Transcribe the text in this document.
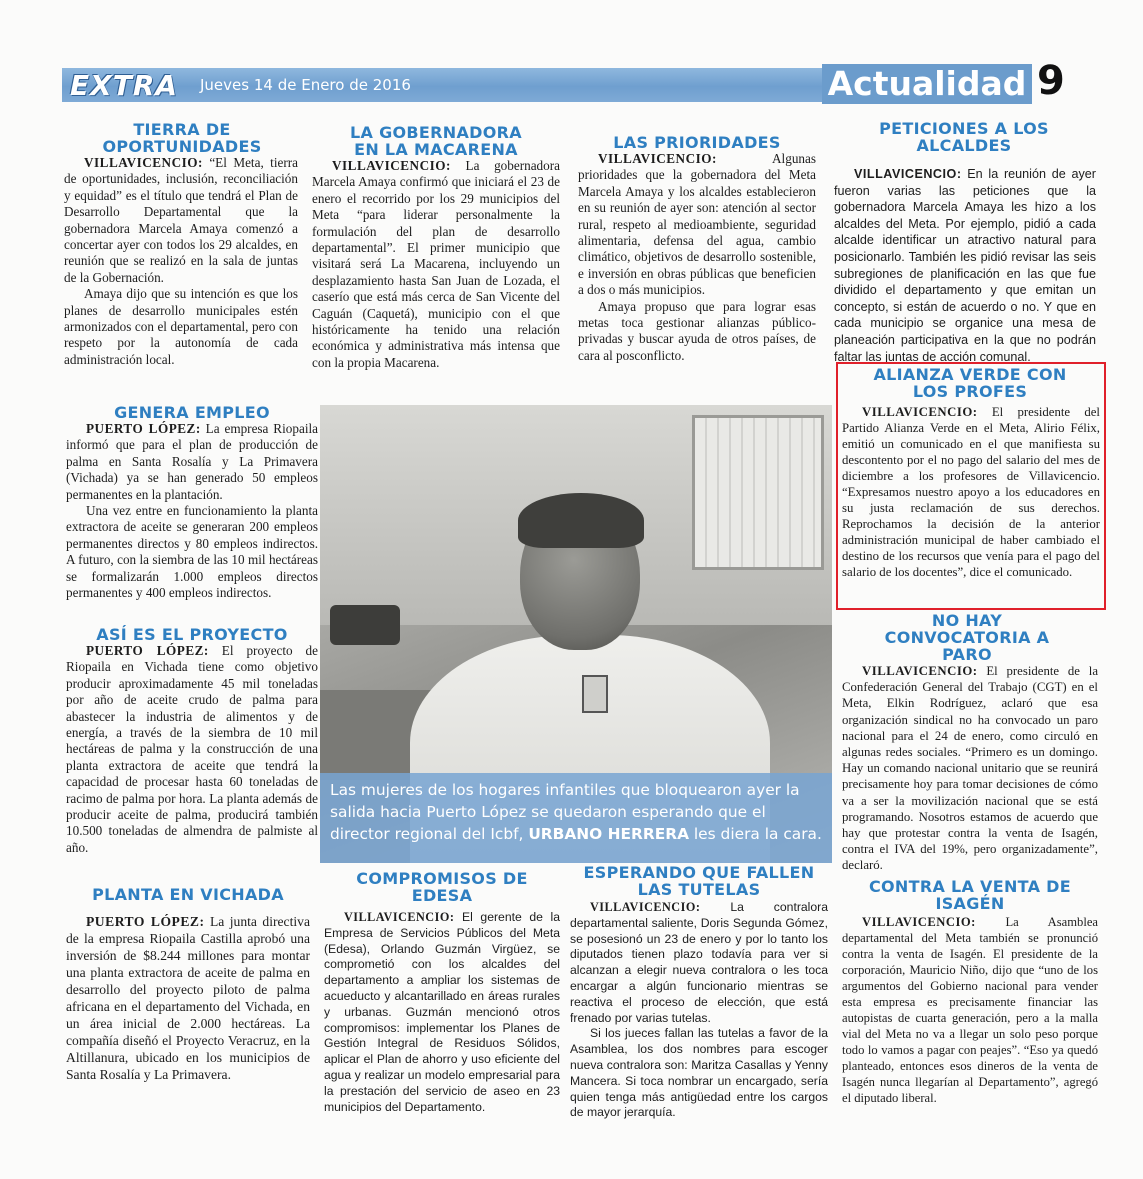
EXTRA Jueves 14 de Enero de 2016	Actualidad 9
TIERRA DE OPORTUNIDADES

VILLAVICENCIO: “El Meta, tierra de oportunidades, inclusión, reconciliación y equidad” es el título que tendrá el Plan de Desarrollo Departamental que la gobernadora Marcela Amaya comenzó a concertar ayer con todos los 29 alcaldes, en reunión que se realizó en la sala de juntas de la Gobernación.

Amaya dijo que su intención es que los planes de desarrollo municipales estén armonizados con el departamental, pero con respeto por la autonomía de cada administración local.

GENERA EMPLEO

PUERTO LÓPEZ: La empresa Riopaila informó que para el plan de producción de palma en Santa Rosalía y La Primavera (Vichada) ya se han generado 50 empleos permanentes en la plantación.

Una vez entre en funcionamiento la planta extractora de aceite se generaran 200 empleos permanentes directos y 80 empleos indirectos. A futuro, con la siembra de las 10 mil hectáreas se formalizarán 1.000 empleos directos permanentes y 400 empleos indirectos.

ASÍ ES EL PROYECTO

PUERTO LÓPEZ: El proyecto de Riopaila en Vichada tiene como objetivo producir aproximadamente 45 mil toneladas por año de aceite crudo de palma para abastecer la industria de alimentos y de energía, a través de la siembra de 10 mil hectáreas de palma y la construcción de una planta extractora de aceite que tendrá la capacidad de procesar hasta 60 toneladas de racimo de palma por hora. La planta además de producir aceite de palma, producirá también 10.500 toneladas de almendra de palmiste al año.

PLANTA EN VICHADA

PUERTO LÓPEZ: La junta directiva de la empresa Riopaila Castilla aprobó una inversión de $8.244 millones para montar una planta extractora de aceite de palma en desarrollo del proyecto piloto de palma africana en el departamento del Vichada, en un área inicial de 2.000 hectáreas. La compañía diseñó el Proyecto Veracruz, en la Altillanura, ubicado en los municipios de Santa Rosalía y La Primavera.

LA GOBERNADORA EN LA MACARENA

VILLAVICENCIO: La gobernadora Marcela Amaya confirmó que iniciará el 23 de enero el recorrido por los 29 municipios del Meta “para liderar personalmente la formulación del plan de desarrollo departamental”. El primer municipio que visitará será La Macarena, incluyendo un desplazamiento hasta San Juan de Lozada, el caserío que está más cerca de San Vicente del Caguán (Caquetá), municipio con el que históricamente ha tenido una relación económica y administrativa más intensa que con la propia Macarena.

LAS PRIORIDADES

VILLAVICENCIO:	Algunas prioridades que la gobernadora del Meta Marcela Amaya y los alcaldes establecieron en su reunión de ayer son: atención al sector rural, respeto al medioambiente, seguridad alimentaria, defensa del agua, cambio climático, objetivos de desarrollo sostenible, e inversión en obras públicas que beneficien a dos o más municipios.

Amaya propuso que para lograr esas metas toca gestionar alianzas público-privadas y buscar ayuda de otros países, de cara al posconflicto.

PETICIONES A LOS ALCALDES

VILLAVICENCIO: En la reunión de ayer fueron varias las peticiones que la gobernadora Marcela Amaya les hizo a los alcaldes del Meta. Por ejemplo, pidió a cada alcalde identificar un atractivo natural para posicionarlo. También les pidió revisar las seis subregiones de planificación en las que fue dividido el departamento y que emitan un concepto, si están de acuerdo o no. Y que en cada municipio se organice una mesa de planeación participativa en la que no podrán faltar las juntas de acción comunal.

ALIANZA VERDE CON LOS PROFES

VILLAVICENCIO: El presidente del Partido Alianza Verde en el Meta, Alirio Félix, emitió un comunicado en el que manifiesta su descontento por el no pago del salario del mes de diciembre a los profesores de Villavicencio. “Expresamos nuestro apoyo a los educadores en su justa reclamación de sus derechos. Reprochamos la decisión de la anterior administración municipal de haber cambiado el destino de los recursos que venía para el pago del salario de los docentes”, dice el comunicado.

NO HAY CONVOCATORIA A PARO

VILLAVICENCIO: El presidente de la Confederación General del Trabajo (CGT) en el Meta, Elkin Rodríguez, aclaró que esa organización sindical no ha convocado un paro nacional para el 24 de enero, como circuló en algunas redes sociales. “Primero es un domingo. Hay un comando nacional unitario que se reunirá precisamente hoy para tomar decisiones de cómo va a ser la movilización nacional que se está programando. Nosotros estamos de acuerdo que hay que protestar contra la venta de Isagén, contra el IVA del 19%, pero organizadamente”, declaró.

CONTRA LA VENTA DE ISAGÉN

VILLAVICENCIO: La Asamblea departamental del Meta también se pronunció contra la venta de Isagén. El presidente de la corporación, Mauricio Niño, dijo que “uno de los argumentos del Gobierno nacional para vender esta empresa es precisamente financiar las autopistas de cuarta generación, pero a la malla vial del Meta no va a llegar un solo peso porque todo lo vamos a pagar con peajes”. “Eso ya quedó planteado, entonces esos dineros de la venta de Isagén nunca llegarían al Departamento”, agregó el diputado liberal.

Las mujeres de los hogares infantiles que bloquearon ayer la salida hacia Puerto López se quedaron esperando que el director regional del Icbf, URBANO HERRERA les diera la cara.
COMPROMISOS DE EDESA

VILLAVICENCIO: El gerente de la Empresa de Servicios Públicos del Meta (Edesa), Orlando Guzmán Virgüez, se comprometió con los alcaldes del departamento a ampliar los sistemas de acueducto y alcantarillado en áreas rurales y urbanas. Guzmán mencionó otros compromisos: implementar los Planes de Gestión Integral de Residuos Sólidos, aplicar el Plan de ahorro y uso eficiente del agua y realizar un modelo empresarial para la prestación del servicio de aseo en 23 municipios del Departamento.

ESPERANDO QUE FALLEN LAS TUTELAS

VILLAVICENCIO: La contralora departamental saliente, Doris Segunda Gómez, se posesionó un 23 de enero y por lo tanto los diputados tienen plazo todavía para ver si alcanzan a elegir nueva contralora o les toca encargar a algún funcionario mientras se reactiva el proceso de elección, que está frenado por varias tutelas.

Si los jueces fallan las tutelas a favor de la Asamblea, los dos nombres para escoger nueva contralora son: Maritza Casallas y Yenny Mancera. Si toca nombrar un encargado, sería quien tenga más antigüedad entre los cargos de mayor jerarquía.
